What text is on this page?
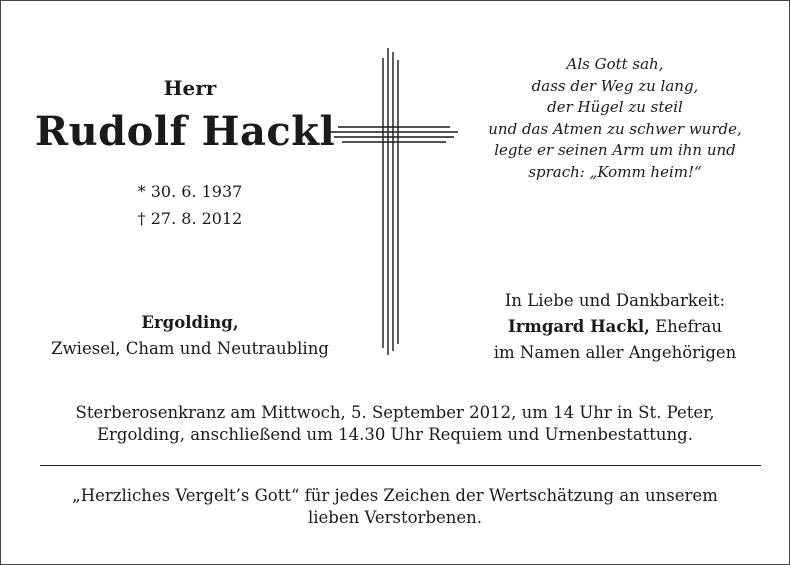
Herr
Rudolf Hackl
* 30. 6. 1937
† 27. 8. 2012
Ergolding,
Zwiesel, Cham und Neutraubling
Als Gott sah,
dass der Weg zu lang,
der Hügel zu steil
und das Atmen zu schwer wurde,
legte er seinen Arm um ihn und
sprach: „Komm heim!“
In Liebe und Dankbarkeit:
Irmgard Hackl, Ehefrau
im Namen aller Angehörigen
Sterberosenkranz am Mittwoch, 5. September 2012, um 14 Uhr in St. Peter,
Ergolding, anschließend um 14.30 Uhr Requiem und Urnenbestattung.
„Herzliches Vergelt’s Gott“ für jedes Zeichen der Wertschätzung an unserem
lieben Verstorbenen.
